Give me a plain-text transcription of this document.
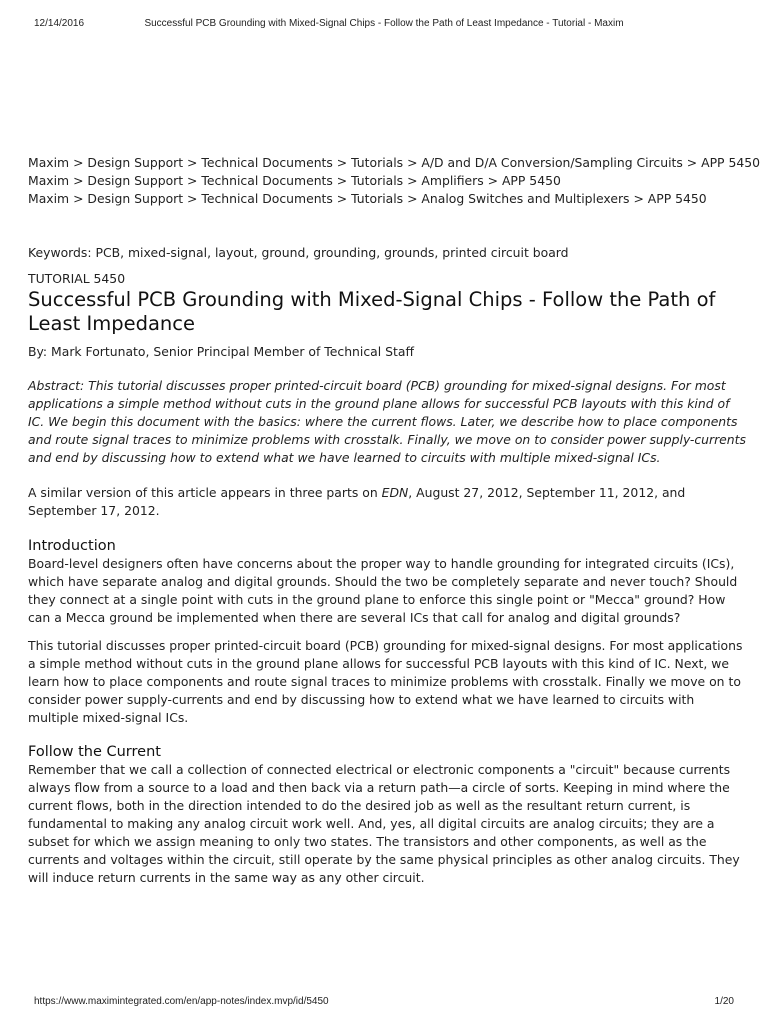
12/14/2016	Successful PCB Grounding with Mixed-Signal Chips - Follow the Path of Least Impedance - Tutorial - Maxim
Maxim > Design Support > Technical Documents > Tutorials > A/D and D/A Conversion/Sampling Circuits > APP 5450
Maxim > Design Support > Technical Documents > Tutorials > Amplifiers > APP 5450
Maxim > Design Support > Technical Documents > Tutorials > Analog Switches and Multiplexers > APP 5450

Keywords: PCB, mixed-signal, layout, ground, grounding, grounds, printed circuit board

TUTORIAL 5450

Successful PCB Grounding with Mixed-Signal Chips - Follow the Path of Least Impedance

By: Mark Fortunato, Senior Principal Member of Technical Staff

Abstract: This tutorial discusses proper printed-circuit board (PCB) grounding for mixed-signal designs. For most applications a simple method without cuts in the ground plane allows for successful PCB layouts with this kind of IC. We begin this document with the basics: where the current flows. Later, we describe how to place components and route signal traces to minimize problems with crosstalk. Finally, we move on to consider power supply-currents and end by discussing how to extend what we have learned to circuits with multiple mixed-signal ICs.

A similar version of this article appears in three parts on EDN, August 27, 2012, September 11, 2012, and September 17, 2012.

Introduction

Board-level designers often have concerns about the proper way to handle grounding for integrated circuits (ICs), which have separate analog and digital grounds. Should the two be completely separate and never touch? Should they connect at a single point with cuts in the ground plane to enforce this single point or "Mecca" ground? How can a Mecca ground be implemented when there are several ICs that call for analog and digital grounds?

This tutorial discusses proper printed-circuit board (PCB) grounding for mixed-signal designs. For most applications a simple method without cuts in the ground plane allows for successful PCB layouts with this kind of IC. Next, we learn how to place components and route signal traces to minimize problems with crosstalk. Finally we move on to consider power supply-currents and end by discussing how to extend what we have learned to circuits with multiple mixed-signal ICs.

Follow the Current

Remember that we call a collection of connected electrical or electronic components a "circuit" because currents always flow from a source to a load and then back via a return path—a circle of sorts. Keeping in mind where the current flows, both in the direction intended to do the desired job as well as the resultant return current, is fundamental to making any analog circuit work well. And, yes, all digital circuits are analog circuits; they are a subset for which we assign meaning to only two states. The transistors and other components, as well as the currents and voltages within the circuit, still operate by the same physical principles as other analog circuits. They will induce return currents in the same way as any other circuit.

https://www.maximintegrated.com/en/app-notes/index.mvp/id/5450	1/20
